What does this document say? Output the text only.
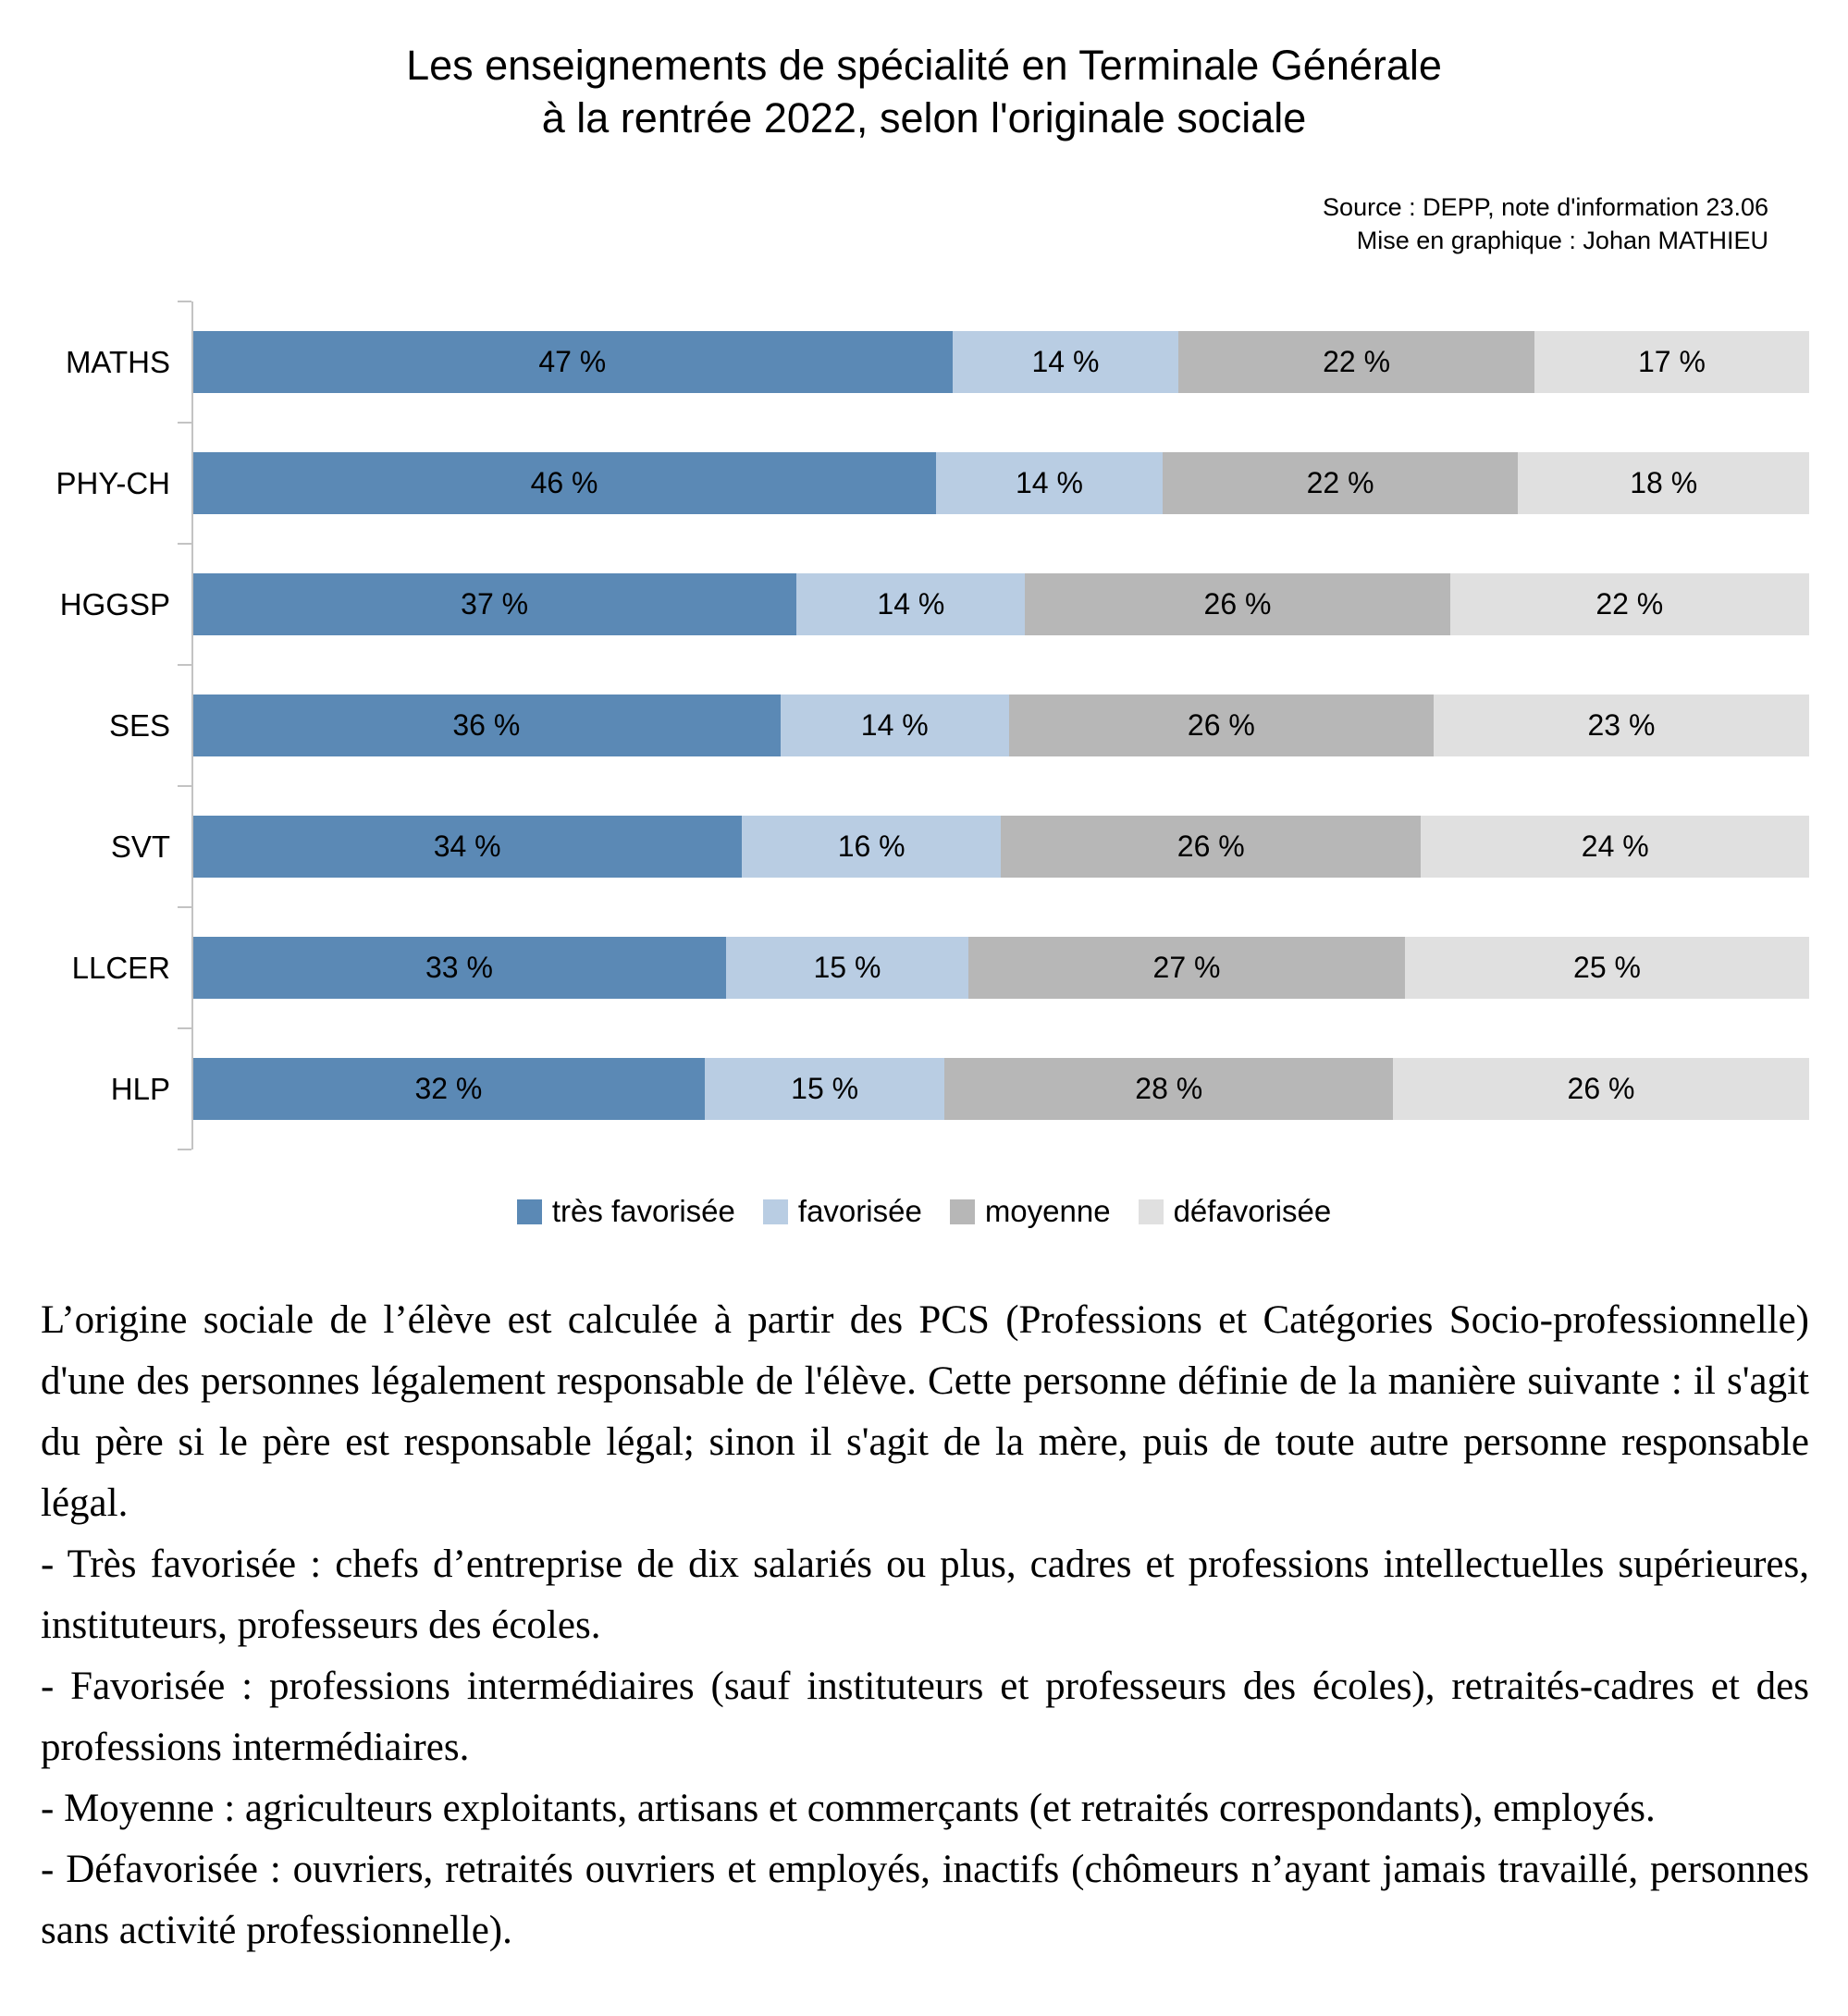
Les enseignements de spécialité en Terminale Générale
à la rentrée 2022, selon l'originale sociale
Source : DEPP, note d'information 23.06
Mise en graphique : Johan MATHIEU
MATHS	47 %	14 %	22 %	17 %
PHY-CH	46 %	14 %	22 %	18 %
HGGSP	37 %	14 %	26 %	22 %
SES	36 %	14 %	26 %	23 %
SVT	34 %	16 %	26 %	24 %
LLCER	33 %	15 %	27 %	25 %
HLP	32 %	15 %	28 %	26 %
très favorisée favorisée moyenne défavorisée
L’origine sociale de l’élève est calculée à partir des PCS (Professions et Catégories Socio-professionnelle) d'une des personnes légalement responsable de l'élève. Cette personne définie de la manière suivante : il s'agit du père si le père est responsable légal; sinon il s'agit de la mère, puis de toute autre personne responsable légal.
- Très favorisée : chefs d’entreprise de dix salariés ou plus, cadres et professions intellectuelles supérieures, instituteurs, professeurs des écoles.
- Favorisée : professions intermédiaires (sauf instituteurs et professeurs des écoles), retraités-cadres et des professions intermédiaires.
- Moyenne : agriculteurs exploitants, artisans et commerçants (et retraités correspondants), employés.
- Défavorisée : ouvriers, retraités ouvriers et employés, inactifs (chômeurs n’ayant jamais travaillé, personnes sans activité professionnelle).
